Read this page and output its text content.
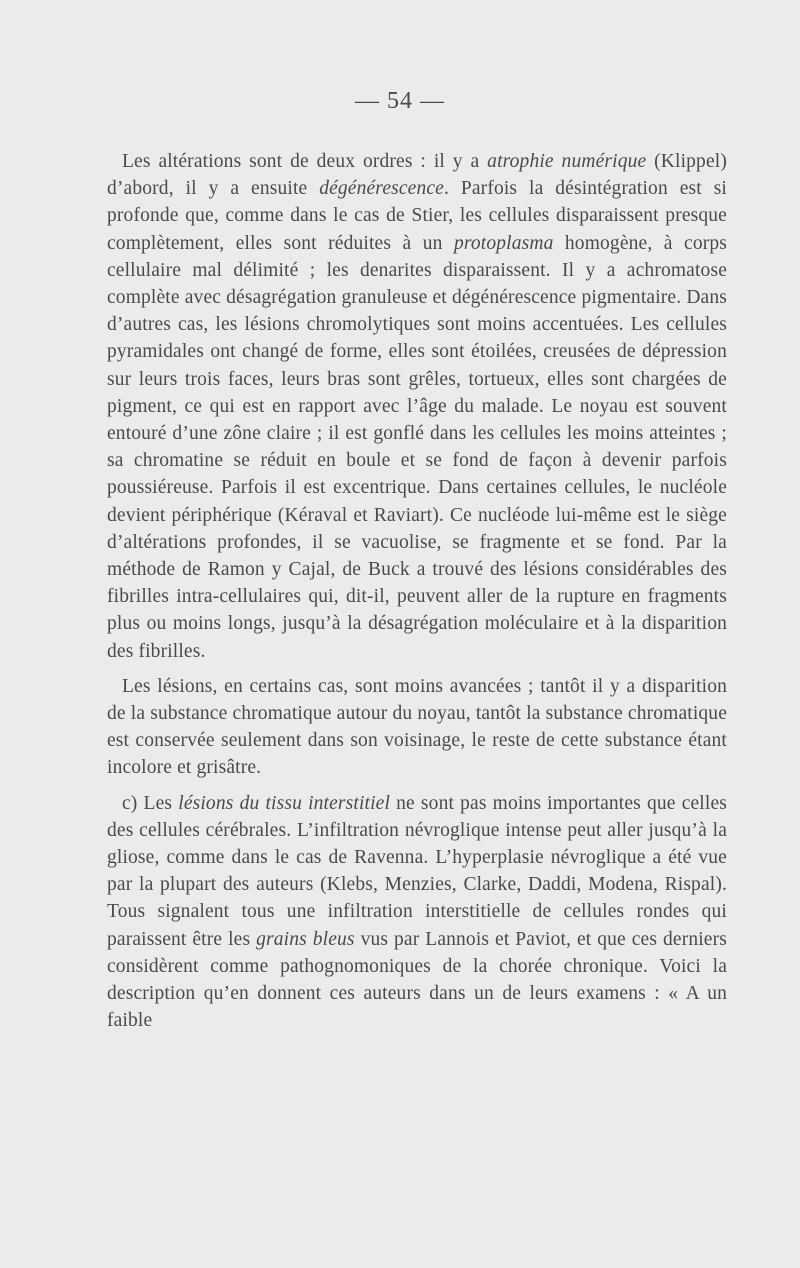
— 54 —

Les altérations sont de deux ordres : il y a atrophie numérique (Klippel) d’abord, il y a ensuite dégénérescence. Parfois la désintégration est si profonde que, comme dans le cas de Stier, les cellules disparaissent presque complètement, elles sont réduites à un protoplasma homogène, à corps cellulaire mal délimité ; les denarites disparaissent. Il y a achromatose complète avec désagrégation granuleuse et dégénérescence pigmentaire. Dans d’autres cas, les lésions chromolytiques sont moins accentuées. Les cellules pyramidales ont changé de forme, elles sont étoilées, creusées de dépression sur leurs trois faces, leurs bras sont grêles, tortueux, elles sont chargées de pigment, ce qui est en rapport avec l’âge du malade. Le noyau est souvent entouré d’une zône claire ; il est gonflé dans les cellules les moins atteintes ; sa chromatine se réduit en boule et se fond de façon à devenir parfois poussiéreuse. Parfois il est excentrique. Dans certaines cellules, le nucléole devient périphérique (Kéraval et Raviart). Ce nucléode lui-même est le siège d’altérations profondes, il se vacuolise, se fragmente et se fond. Par la méthode de Ramon y Cajal, de Buck a trouvé des lésions considérables des fibrilles intra-cellulaires qui, dit-il, peuvent aller de la rupture en fragments plus ou moins longs, jusqu’à la désagrégation moléculaire et à la disparition des fibrilles.

Les lésions, en certains cas, sont moins avancées ; tantôt il y a disparition de la substance chromatique autour du noyau, tantôt la substance chromatique est conservée seulement dans son voisinage, le reste de cette substance étant incolore et grisâtre.

c) Les lésions du tissu interstitiel ne sont pas moins importantes que celles des cellules cérébrales. L’infiltration névroglique intense peut aller jusqu’à la gliose, comme dans le cas de Ravenna. L’hyperplasie névroglique a été vue par la plupart des auteurs (Klebs, Menzies, Clarke, Daddi, Modena, Rispal). Tous signalent tous une infiltration interstitielle de cellules rondes qui paraissent être les grains bleus vus par Lannois et Paviot, et que ces derniers considèrent comme pathognomoniques de la chorée chronique. Voici la description qu’en donnent ces auteurs dans un de leurs examens : « A un faible
